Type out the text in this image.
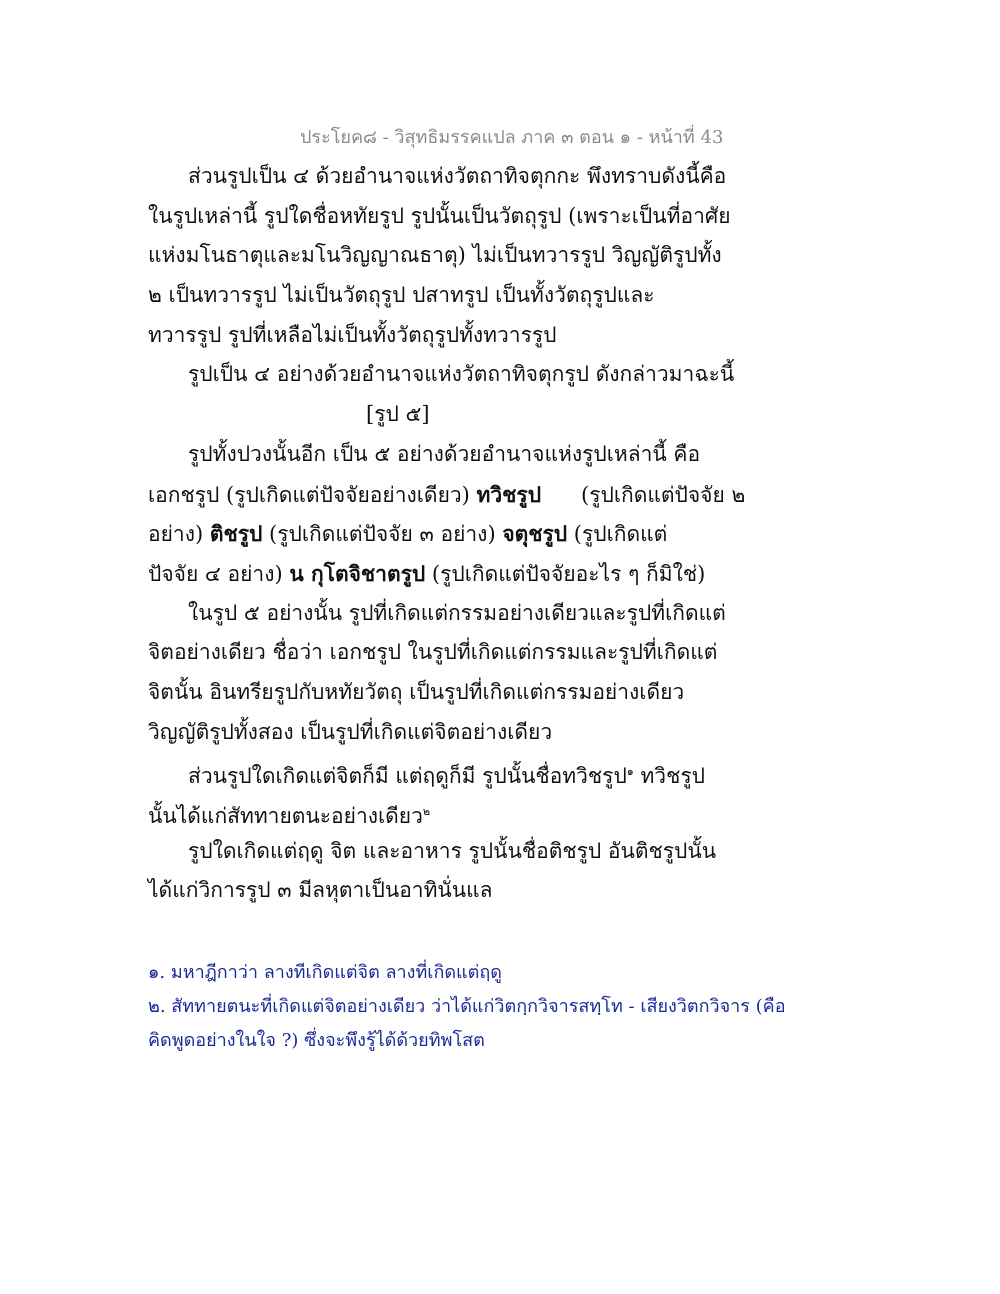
ประโยค๘ - วิสุทธิมรรคแปล ภาค ๓ ตอน ๑ - หน้าที่ 43
ส่วนรูปเป็น ๔ ด้วยอำนาจแห่งวัตถาทิจตุกกะ พึงทราบดังนี้คือ
ในรูปเหล่านี้ รูปใดชื่อหทัยรูป รูปนั้นเป็นวัตถุรูป (เพราะเป็นที่อาศัย
แห่งมโนธาตุและมโนวิญญาณธาตุ) ไม่เป็นทวารรูป วิญญัติรูปทั้ง
๒ เป็นทวารรูป ไม่เป็นวัตถุรูป ปสาทรูป เป็นทั้งวัตถุรูปและ
ทวารรูป รูปที่เหลือไม่เป็นทั้งวัตถุรูปทั้งทวารรูป
รูปเป็น ๔ อย่างด้วยอำนาจแห่งวัตถาทิจตุกรูป ดังกล่าวมาฉะนี้
[รูป ๕]
รูปทั้งปวงนั้นอีก เป็น ๕ อย่างด้วยอำนาจแห่งรูปเหล่านี้ คือ
เอกชรูป (รูปเกิดแต่ปัจจัยอย่างเดียว) ทวิชรูป (รูปเกิดแต่ปัจจัย ๒
อย่าง) ติชรูป (รูปเกิดแต่ปัจจัย ๓ อย่าง) จตุชรูป (รูปเกิดแต่
ปัจจัย ๔ อย่าง) น กุโตจิชาตรูป (รูปเกิดแต่ปัจจัยอะไร ๆ ก็มิใช่)
ในรูป ๕ อย่างนั้น รูปที่เกิดแต่กรรมอย่างเดียวและรูปที่เกิดแต่
จิตอย่างเดียว ชื่อว่า เอกชรูป ในรูปที่เกิดแต่กรรมและรูปที่เกิดแต่
จิตนั้น อินทรียรูปกับหทัยวัตถุ เป็นรูปที่เกิดแต่กรรมอย่างเดียว
วิญญัติรูปทั้งสอง เป็นรูปที่เกิดแต่จิตอย่างเดียว
ส่วนรูปใดเกิดแต่จิตก็มี แต่ฤดูก็มี รูปนั้นชื่อทวิชรูป$^๑$ ทวิชรูป
นั้นได้แก่สัททายตนะอย่างเดียว$^๒$
รูปใดเกิดแต่ฤดู จิต และอาหาร รูปนั้นชื่อติชรูป อันติชรูปนั้น
ได้แก่วิการรูป ๓ มีลหุตาเป็นอาทินั่นแล
๑. มหาฎีกาว่า ลางทีเกิดแต่จิต ลางที่เกิดแต่ฤดู
๒. สัททายตนะที่เกิดแต่จิตอย่างเดียว ว่าได้แก่วิตกฺกวิจารสทฺโท - เสียงวิตกวิจาร (คือ
คิดพูดอย่างในใจ ?) ซึ่งจะพึงรู้ได้ด้วยทิพโสต
